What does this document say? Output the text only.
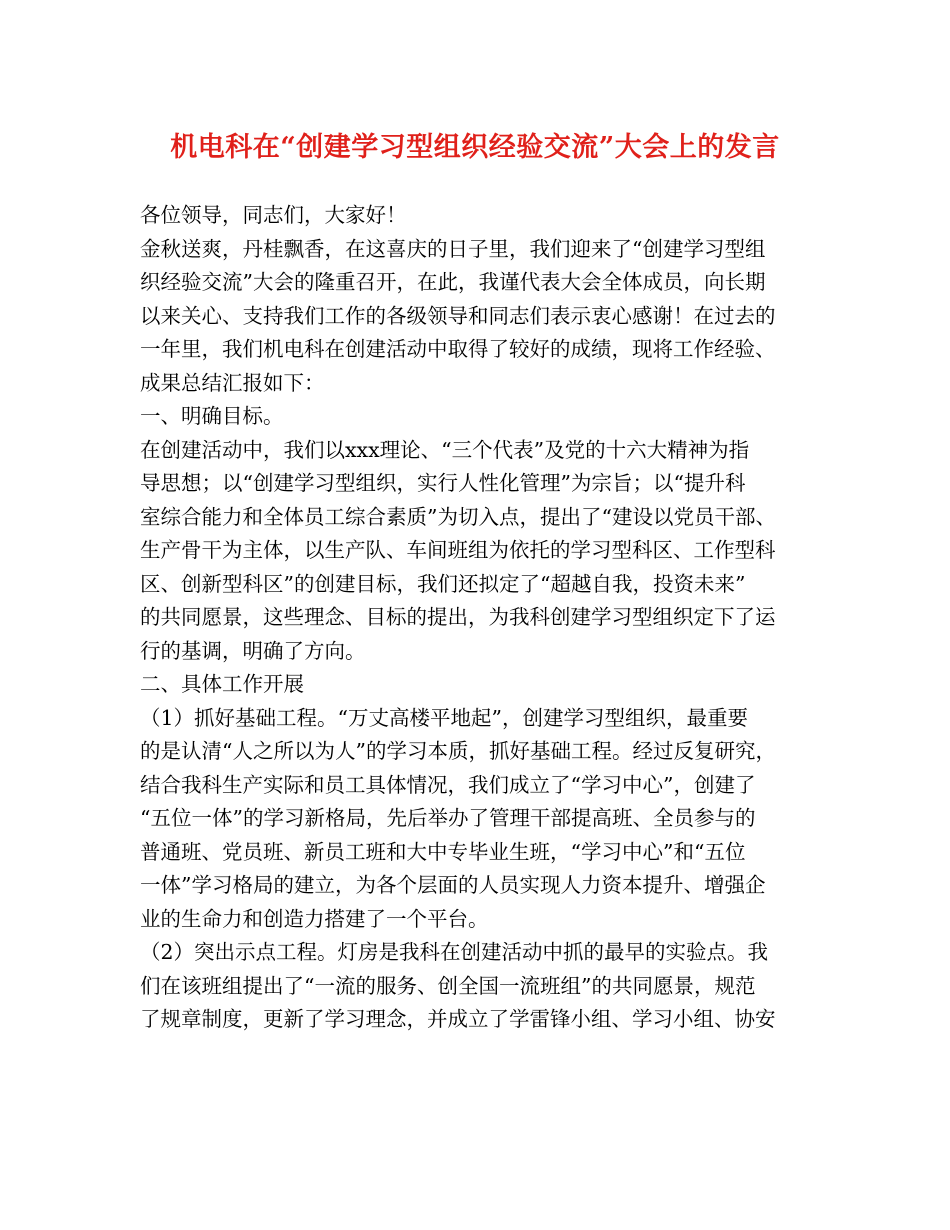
机电科在“创建学习型组织经验交流”大会上的发言
各位领导，同志们，大家好！
金秋送爽，丹桂飘香，在这喜庆的日子里，我们迎来了“创建学习型组
织经验交流”大会的隆重召开，在此，我谨代表大会全体成员，向长期
以来关心、支持我们工作的各级领导和同志们表示衷心感谢！在过去的
一年里，我们机电科在创建活动中取得了较好的成绩，现将工作经验、
成果总结汇报如下：
一、明确目标。
在创建活动中，我们以xxx理论、“三个代表”及党的十六大精神为指
导思想；以“创建学习型组织，实行人性化管理”为宗旨；以“提升科
室综合能力和全体员工综合素质”为切入点，提出了“建设以党员干部、
生产骨干为主体，以生产队、车间班组为依托的学习型科区、工作型科
区、创新型科区”的创建目标，我们还拟定了“超越自我，投资未来”
的共同愿景，这些理念、目标的提出，为我科创建学习型组织定下了运
行的基调，明确了方向。
二、具体工作开展
（1）抓好基础工程。“万丈高楼平地起”，创建学习型组织，最重要
的是认清“人之所以为人”的学习本质，抓好基础工程。经过反复研究，
结合我科生产实际和员工具体情况，我们成立了“学习中心”，创建了
“五位一体”的学习新格局，先后举办了管理干部提高班、全员参与的
普通班、党员班、新员工班和大中专毕业生班，“学习中心”和“五位
一体”学习格局的建立，为各个层面的人员实现人力资本提升、增强企
业的生命力和创造力搭建了一个平台。
（2）突出示点工程。灯房是我科在创建活动中抓的最早的实验点。我
们在该班组提出了“一流的服务、创全国一流班组”的共同愿景，规范
了规章制度，更新了学习理念，并成立了学雷锋小组、学习小组、协安
